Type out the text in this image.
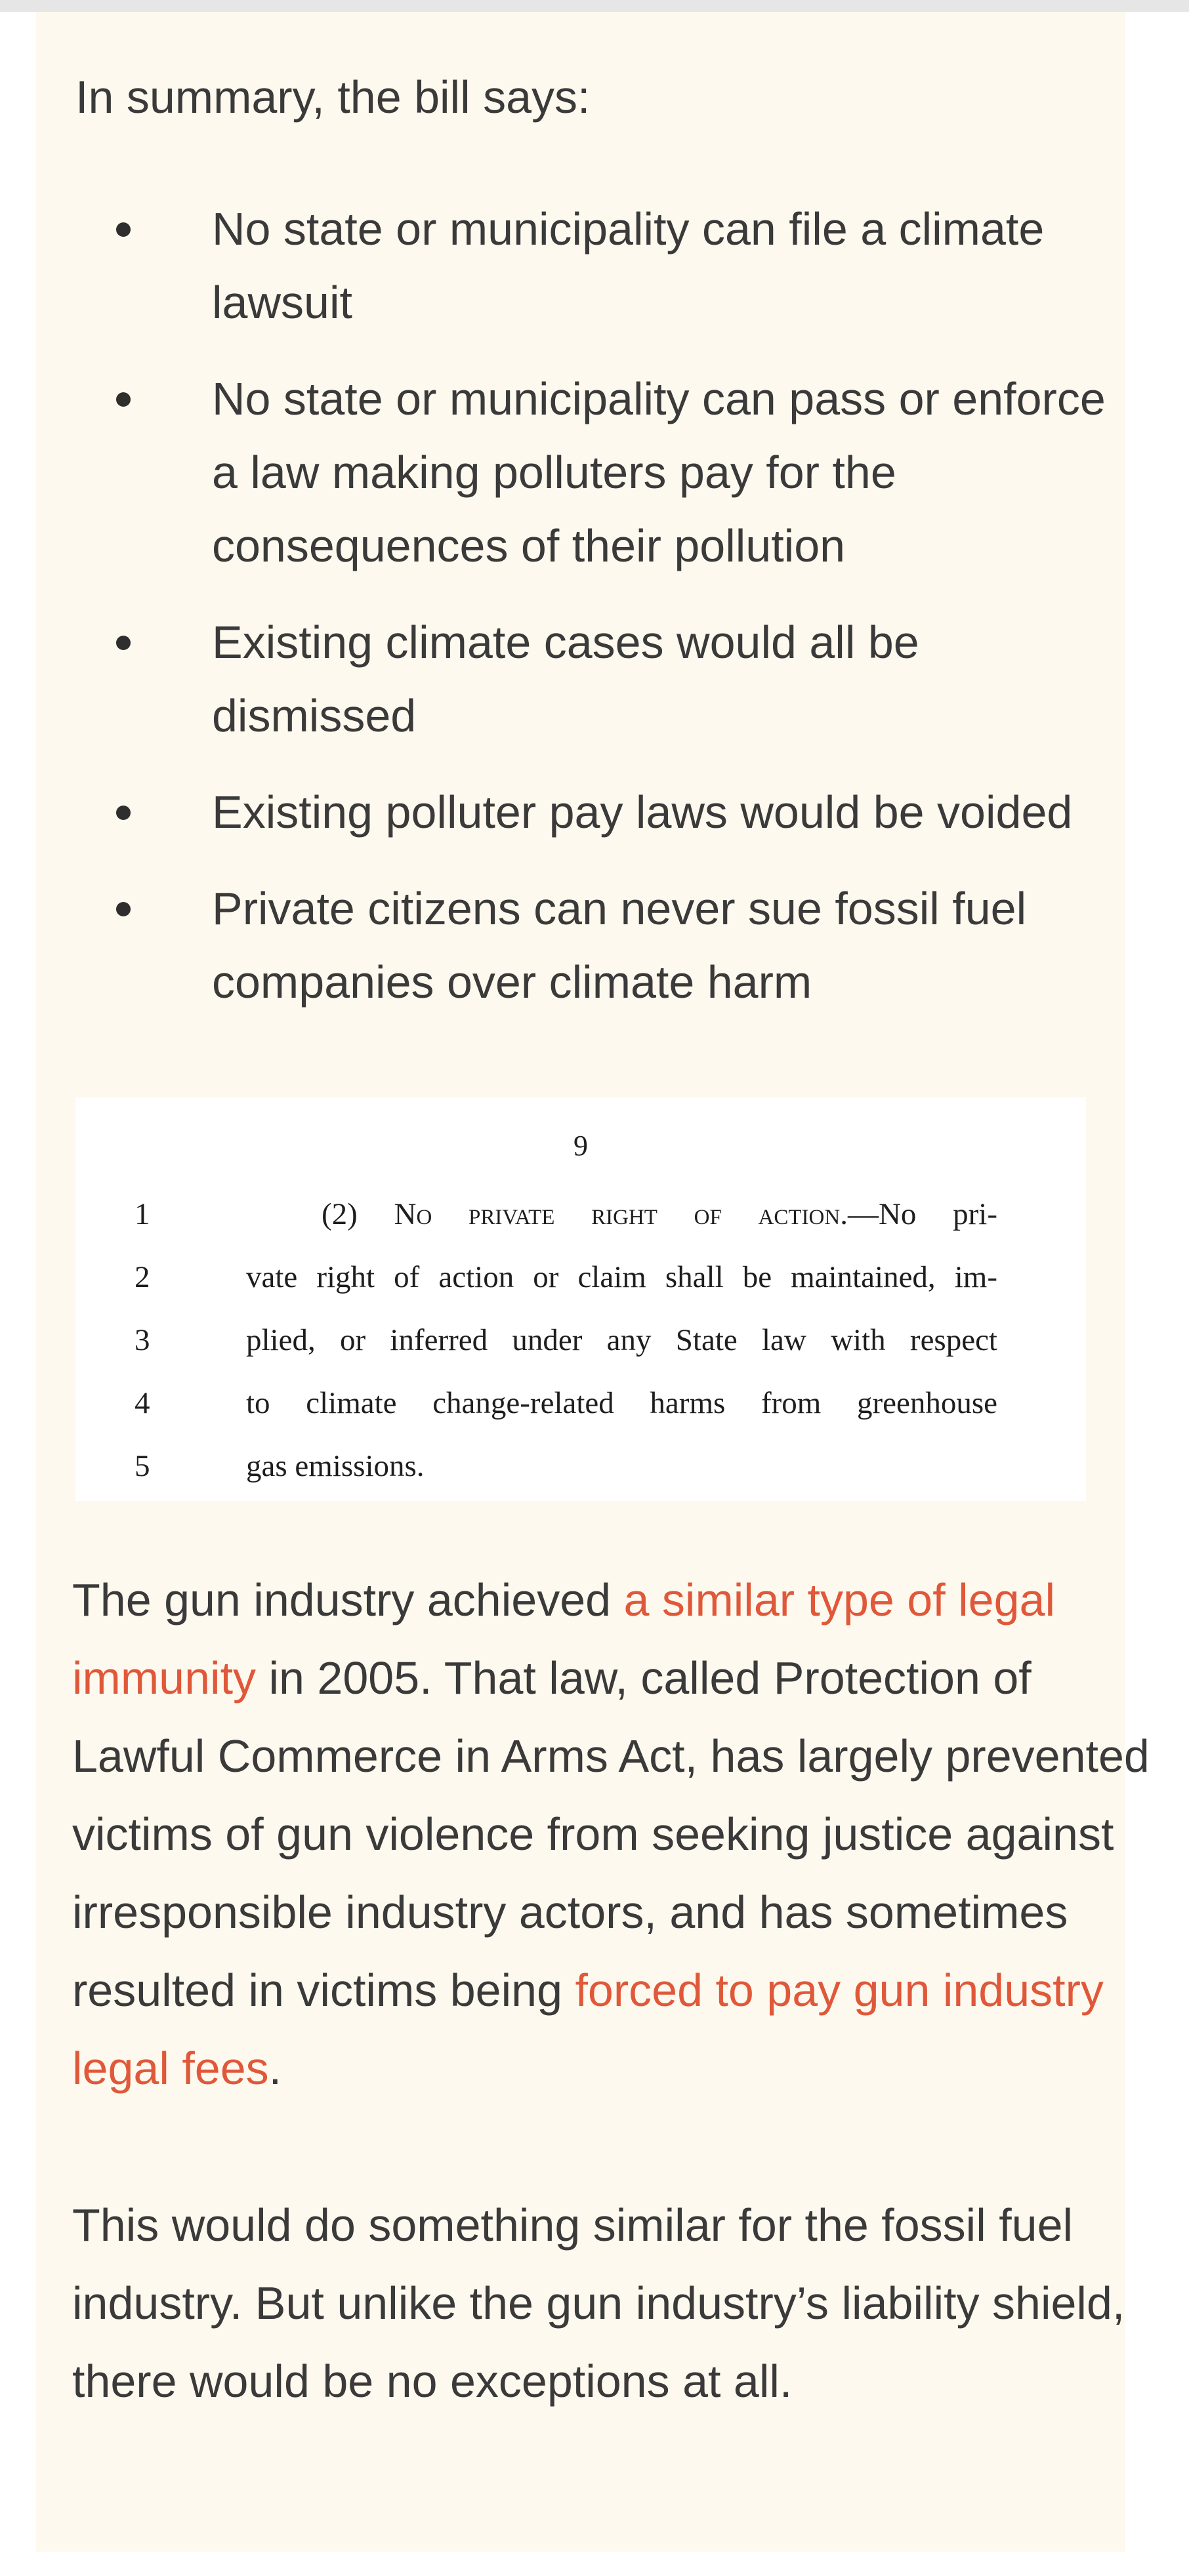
In summary, the bill says:

No state or municipality can file a climate
lawsuit
No state or municipality can pass or enforce
a law making polluters pay for the
consequences of their pollution
Existing climate cases would all be
dismissed
Existing polluter pay laws would be voided
Private citizens can never sue fossil fuel
companies over climate harm
9
1	(2) No private right of action.—No pri-
2	vate right of action or claim shall be maintained, im-
3	plied, or inferred under any State law with respect
4	to climate change-related harms from greenhouse
5	gas emissions.

The gun industry achieved a similar type of legal immunity in 2005. That law, called Protection of Lawful Commerce in Arms Act, has largely prevented victims of gun violence from seeking justice against irresponsible industry actors, and has sometimes resulted in victims being forced to pay gun industry legal fees.

This would do something similar for the fossil fuel industry. But unlike the gun industry’s liability shield, there would be no exceptions at all.
